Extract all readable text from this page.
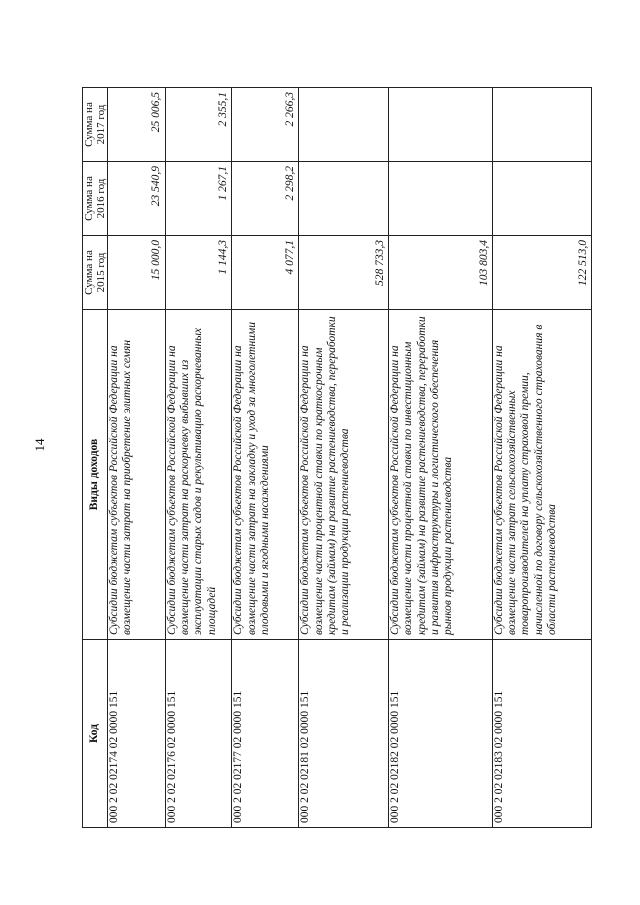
14
Код	Виды доходов	Сумма на 2015 год	Сумма на 2016 год	Сумма на 2017 год
000 2 02 02174 02 0000 151	Субсидии бюджетам субъектов Российской Федерации на возмещение части затрат на приобретение элитных семян	15 000,0	23 540,9	25 006,5
000 2 02 02176 02 0000 151	Субсидии бюджетам субъектов Российской Федерации на возмещение части затрат на раскорчевку выбывших из эксплуатации старых садов и рекультивацию раскорчеванных площадей	1 144,3	1 267,1	2 355,1
000 2 02 02177 02 0000 151	Субсидии бюджетам субъектов Российской Федерации на возмещение части затрат на закладку и уход за многолетними плодовыми и ягодными насаждениями	4 077,1	2 298,2	2 266,3
000 2 02 02181 02 0000 151	Субсидии бюджетам субъектов Российской Федерации на возмещение части процентной ставки по краткосрочным кредитам (займам) на развитие растениеводства, переработки и реализации продукции растениеводства	528 733,3		
000 2 02 02182 02 0000 151	Субсидии бюджетам субъектов Российской Федерации на возмещение части процентной ставки по инвестиционным кредитам (займам) на развитие растениеводства, переработки и развития инфраструктуры и логистического обеспечения рынков продукции растениеводства	103 803,4		
000 2 02 02183 02 0000 151	Субсидии бюджетам субъектов Российской Федерации на возмещение части затрат сельскохозяйственных товаропроизводителей на уплату страховой премии, начисленной по договору сельскохозяйственного страхования в области растениеводства	122 513,0		
